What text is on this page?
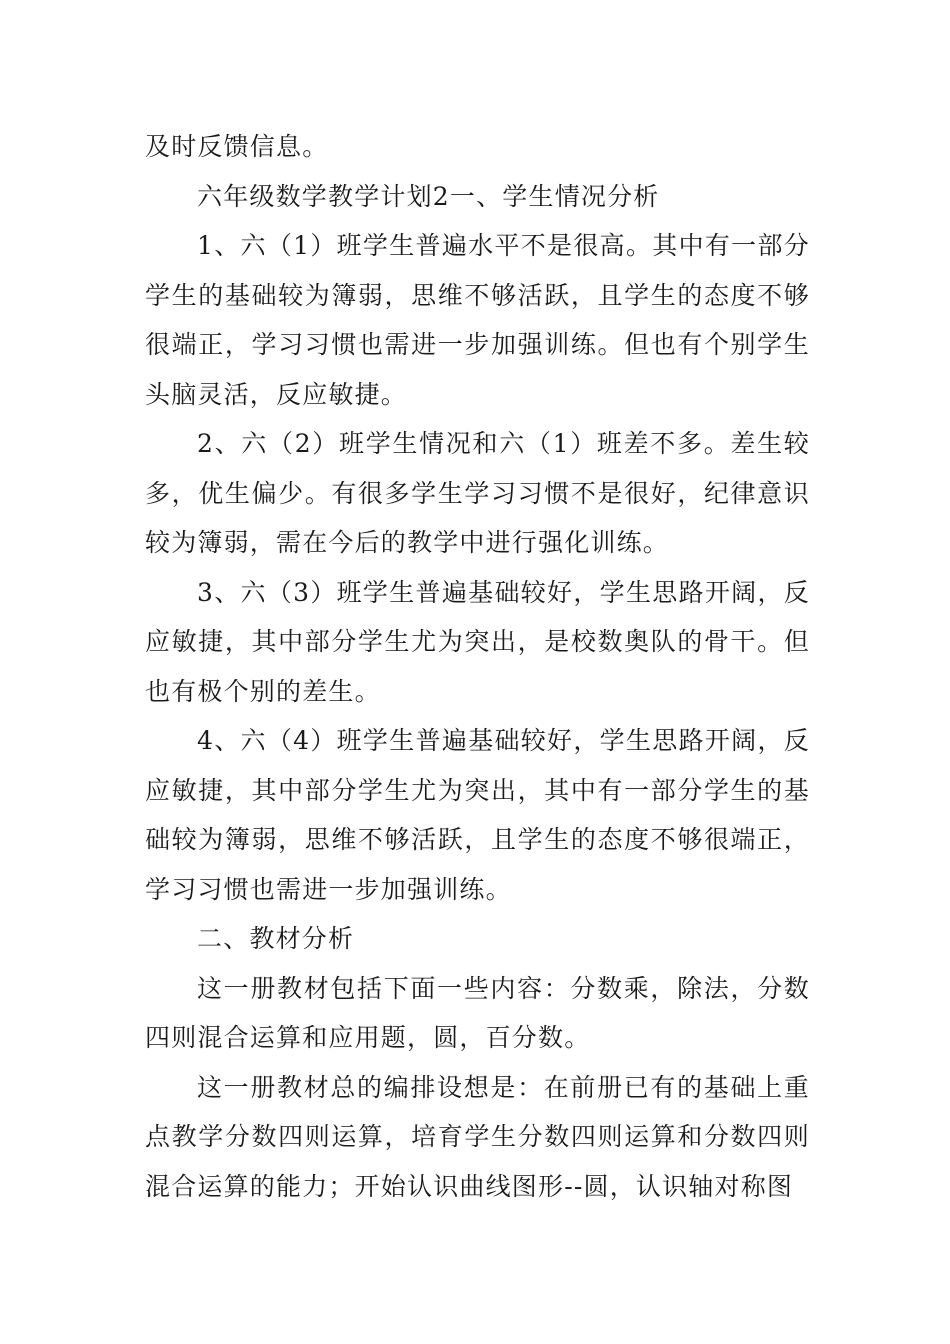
及时反馈信息。

六年级数学教学计划2一、学生情况分析

1、六（1）班学生普遍水平不是很高。其中有一部分学生的基础较为簿弱，思维不够活跃，且学生的态度不够很端正，学习习惯也需进一步加强训练。但也有个别学生头脑灵活，反应敏捷。

2、六（2）班学生情况和六（1）班差不多。差生较多，优生偏少。有很多学生学习习惯不是很好，纪律意识较为簿弱，需在今后的教学中进行强化训练。

3、六（3）班学生普遍基础较好，学生思路开阔，反应敏捷，其中部分学生尤为突出，是校数奥队的骨干。但也有极个别的差生。

4、六（4）班学生普遍基础较好，学生思路开阔，反应敏捷，其中部分学生尤为突出，其中有一部分学生的基础较为簿弱，思维不够活跃，且学生的态度不够很端正，学习习惯也需进一步加强训练。

二、教材分析

这一册教材包括下面一些内容：分数乘，除法，分数四则混合运算和应用题，圆，百分数。

这一册教材总的编排设想是：在前册已有的基础上重点教学分数四则运算，培育学生分数四则运算和分数四则混合运算的能力；开始认识曲线图形--圆，认识轴对称图
